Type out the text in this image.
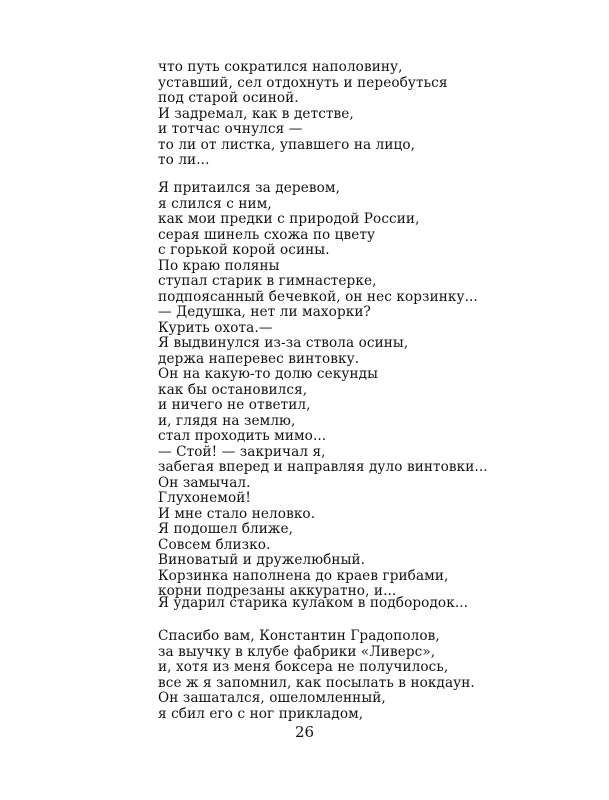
что путь сократился наполовину,
уставший, сел отдохнуть и переобуться
под старой осиной.
И задремал, как в детстве,
и тотчас очнулся —
то ли от листка, упавшего на лицо,
то ли...
Я притаился за деревом,
я слился с ним,
как мои предки с природой России,
серая шинель схожа по цвету
с горькой корой осины.
По краю поляны
ступал старик в гимнастерке,
подпоясанный бечевкой, он нес корзинку...
— Дедушка, нет ли махорки?
Курить охота.—
Я выдвинулся из-за ствола осины,
держа наперевес винтовку.
Он на какую-то долю секунды
как бы остановился,
и ничего не ответил,
и, глядя на землю,
стал проходить мимо...
— Стой! — закричал я,
забегая вперед и направляя дуло винтовки...
Он замычал.
Глухонемой!
И мне стало неловко.
Я подошел ближе,
Совсем близко.
Виноватый и дружелюбный.
Корзинка наполнена до краев грибами,
корни подрезаны аккуратно, и...
Я ударил старика кулаком в подбородок...
Спасибо вам, Константин Градополов,
за выучку в клубе фабрики «Ливерс»,
и, хотя из меня боксера не получилось,
все ж я запомнил, как посылать в нокдаун.
Он зашатался, ошеломленный,
я сбил его с ног прикладом,
26
